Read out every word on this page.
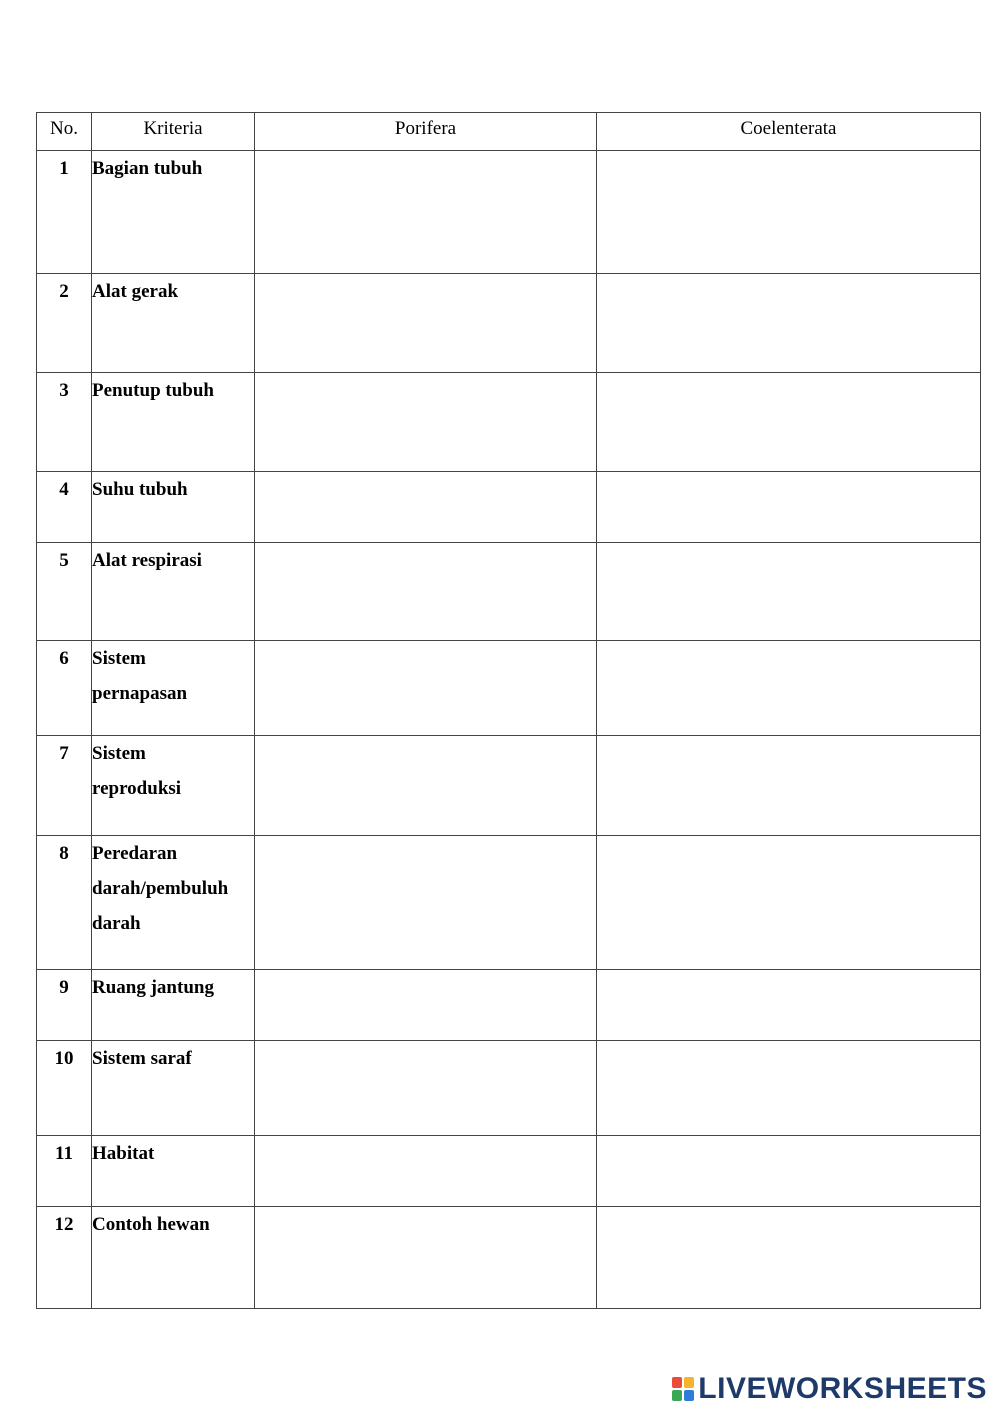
No.	Kriteria	Porifera	Coelenterata
1	Bagian tubuh		

2	Alat gerak		

3	Penutup tubuh		

4	Suhu tubuh		

5	Alat respirasi		

6	Sistem
pernapasan		

7	Sistem
reproduksi		

8	Peredaran
darah/pembuluh
darah		

9	Ruang jantung		

10	Sistem saraf		

11	Habitat		

12	Contoh hewan		

LIVEWORKSHEETS
